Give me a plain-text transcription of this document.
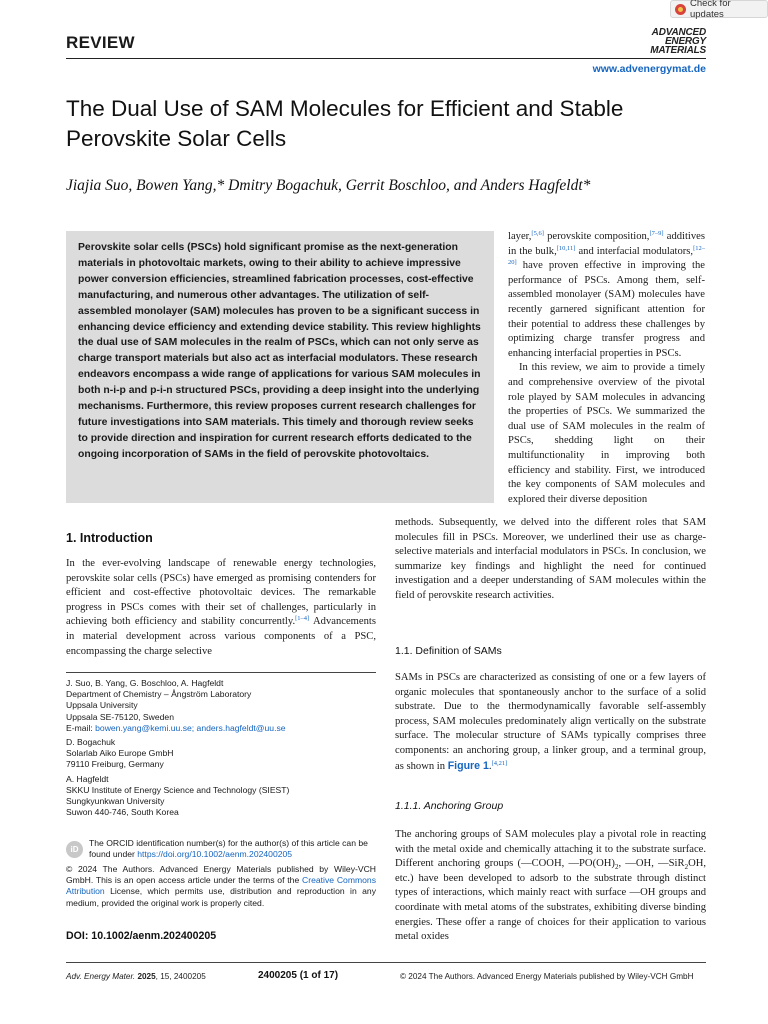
Check for updates
REVIEW
ADVANCED
ENERGY
MATERIALS
www.advenergymat.de
The Dual Use of SAM Molecules for Efficient and Stable Perovskite Solar Cells
Jiajia Suo, Bowen Yang,* Dmitry Bogachuk, Gerrit Boschloo, and Anders Hagfeldt*

Perovskite solar cells (PSCs) hold significant promise as the next-generation materials in photovoltaic markets, owing to their ability to achieve impressive power conversion efficiencies, streamlined fabrication processes, cost-effective manufacturing, and numerous other advantages. The utilization of self-assembled monolayer (SAM) molecules has proven to be a significant success in enhancing device efficiency and extending device stability. This review highlights the dual use of SAM molecules in the realm of PSCs, which can not only serve as charge transport materials but also act as interfacial modulators. These research endeavors encompass a wide range of applications for various SAM molecules in both n-i-p and p-i-n structured PSCs, providing a deep insight into the underlying mechanisms. Furthermore, this review proposes current research challenges for future investigations into SAM materials. This timely and thorough review seeks to provide direction and inspiration for current research efforts dedicated to the ongoing incorporation of SAMs in the field of perovskite photovoltaics.

layer,[5,6] perovskite composition,[7–9] additives in the bulk,[10,11] and interfacial modulators,[12–20] have proven effective in improving the performance of PSCs. Among them, self-assembled monolayer (SAM) molecules have recently garnered significant attention for their potential to address these challenges by optimizing charge transfer progress and enhancing interfacial properties in PSCs.

In this review, we aim to provide a timely and comprehensive overview of the pivotal role played by SAM molecules in advancing the properties of PSCs. We summarized the dual use of SAM molecules in the realm of PSCs, shedding light on their multifunctionality in improving both efficiency and stability. First, we introduced the key components of SAM molecules and explored their diverse deposition

methods. Subsequently, we delved into the different roles that SAM molecules fill in PSCs. Moreover, we underlined their use as charge-selective materials and interfacial modulators in PSCs. In conclusion, we summarize key findings and highlight the need for continued investigation and a deeper understanding of SAM molecules within the field of perovskite research activities.

1. Introduction

In the ever-evolving landscape of renewable energy technologies, perovskite solar cells (PSCs) have emerged as promising contenders for efficient and cost-effective photovoltaic devices. The remarkable progress in PSCs comes with their set of challenges, particularly in achieving both efficiency and stability concurrently.[1–4] Advancements in material development across various components of a PSC, encompassing the charge selective	1.1. Definition of SAMs

SAMs in PSCs are characterized as consisting of one or a few layers of organic molecules that spontaneously anchor to the surface of a solid substrate. Due to the thermodynamically favorable self-assembly process, SAM molecules predominately align vertically on the substrate surface. The molecular structure of SAMs typically comprises three components: an anchoring group, a linker group, and a terminal group, as shown in Figure 1.[4,21]

1.1.1. Anchoring Group

The anchoring groups of SAM molecules play a pivotal role in reacting with the metal oxide and chemically attaching it to the substrate surface. Different anchoring groups (—COOH, $—PO(OH)_2$, —OH, —SiR$_2$OH, etc.) have been developed to adsorb to the substrate through distinct types of interactions, which mainly react with surface —OH groups and coordinate with metal atoms of the substrates, exhibiting diverse binding energies. These offer a range of choices for their application to various metal oxides

J. Suo, B. Yang, G. Boschloo, A. Hagfeldt
Department of Chemistry – Ångström Laboratory
Uppsala University
Uppsala SE-75120, Sweden
E-mail: bowen.yang@kemi.uu.se; anders.hagfeldt@uu.se
D. Bogachuk
Solarlab Aiko Europe GmbH
79110 Freiburg, Germany
A. Hagfeldt
SKKU Institute of Energy Science and Technology (SIEST)
Sungkyunkwan University
Suwon 440-746, South Korea
iD
The ORCID identification number(s) for the author(s) of this article can be found under https://doi.org/10.1002/aenm.202400205
© 2024 The Authors. Advanced Energy Materials published by Wiley-VCH GmbH. This is an open access article under the terms of the Creative Commons Attribution License, which permits use, distribution and reproduction in any medium, provided the original work is properly cited.
DOI: 10.1002/aenm.202400205
Adv. Energy Mater. 2025, 15, 2400205	2400205 (1 of 17)	© 2024 The Authors. Advanced Energy Materials published by Wiley-VCH GmbH
